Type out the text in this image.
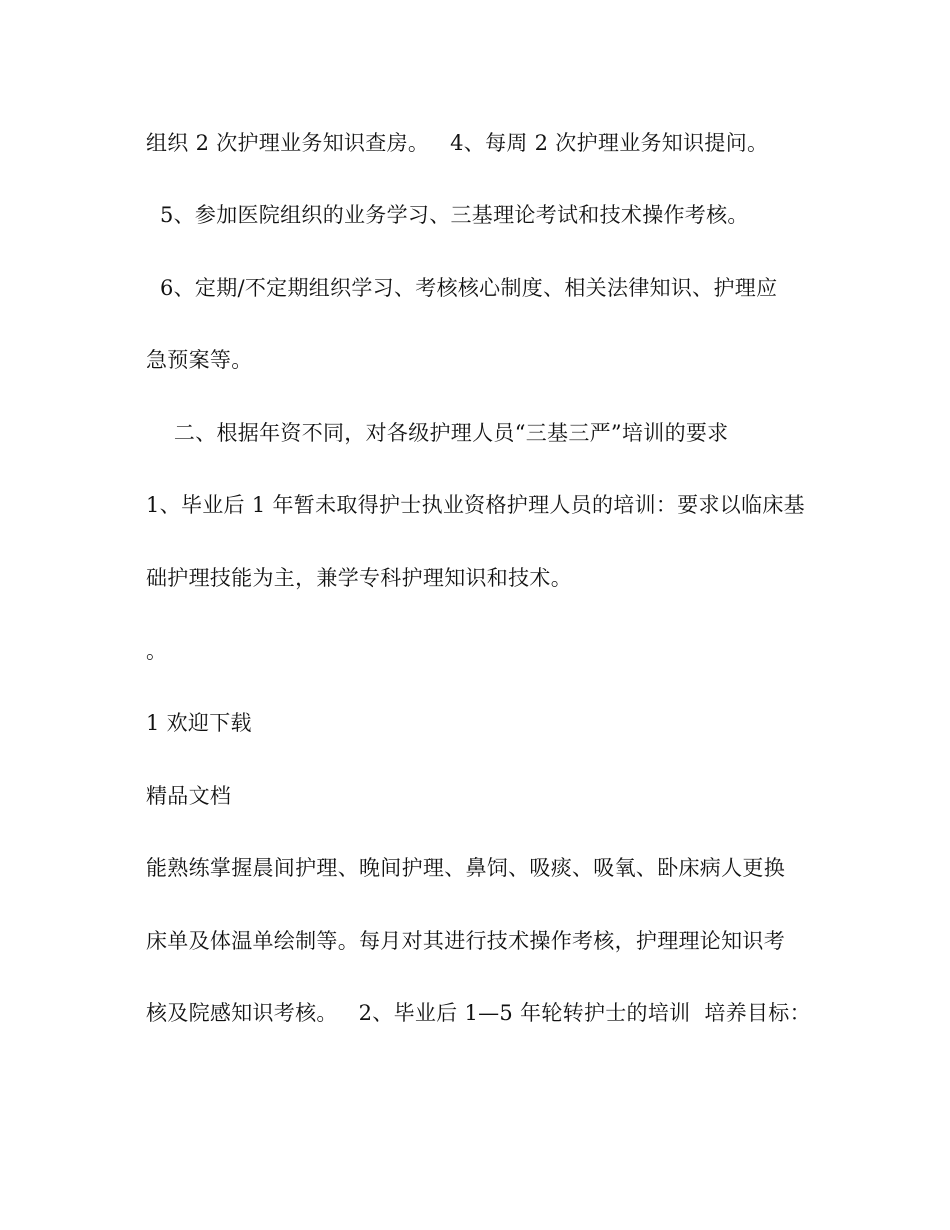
组织 2 次护理业务知识查房。   4、每周 2 次护理业务知识提问。
5、参加医院组织的业务学习、三基理论考试和技术操作考核。
6、定期/不定期组织学习、考核核心制度、相关法律知识、护理应
急预案等。
二、根据年资不同，对各级护理人员“三基三严”培训的要求
1、毕业后 1 年暂未取得护士执业资格护理人员的培训：要求以临床基
础护理技能为主，兼学专科护理知识和技术。
。
1 欢迎下载
精品文档
能熟练掌握晨间护理、晚间护理、鼻饲、吸痰、吸氧、卧床病人更换
床单及体温单绘制等。每月对其进行技术操作考核，护理理论知识考
核及院感知识考核。   2、毕业后 1—5 年轮转护士的培训  培养目标：
